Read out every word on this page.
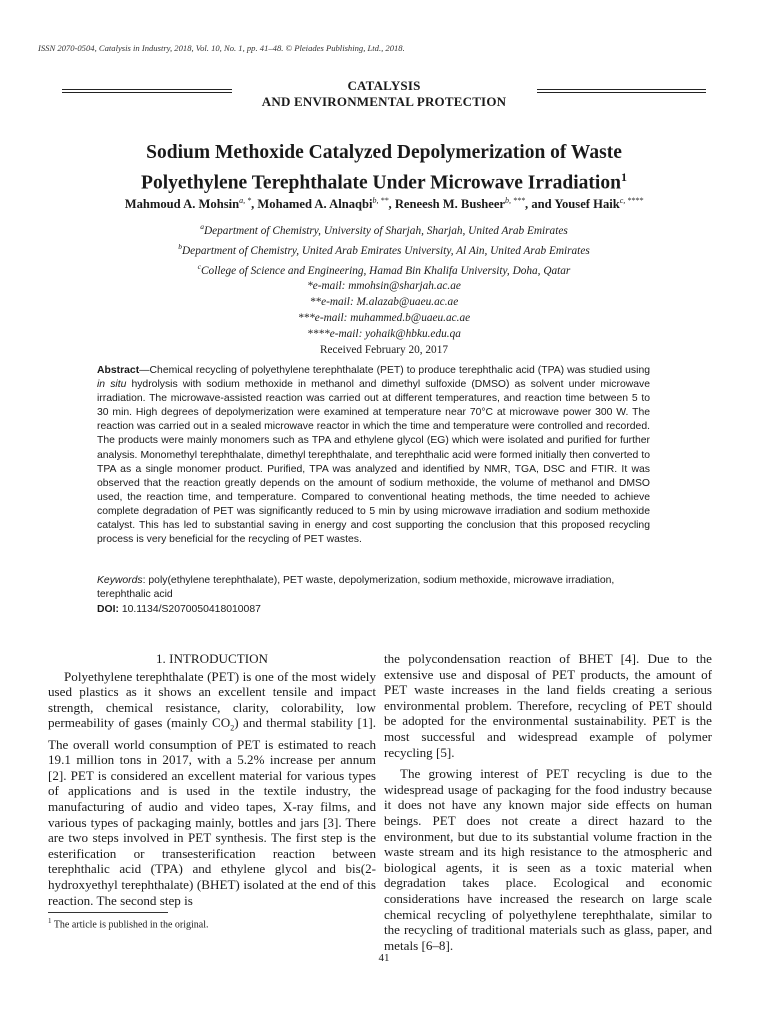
ISSN 2070-0504, Catalysis in Industry, 2018, Vol. 10, No. 1, pp. 41–48. © Pleiades Publishing, Ltd., 2018.
CATALYSIS
AND ENVIRONMENTAL PROTECTION
Sodium Methoxide Catalyzed Depolymerization of Waste
Polyethylene Terephthalate Under Microwave Irradiation$^1$
Mahmoud A. Mohsin$^{a, *}$, Mohamed A. Alnaqbi$^{b, **}$, Reneesh M. Busheer$^{b, ***}$, and Yousef Haik$^{c, ****}$
$^a$Department of Chemistry, University of Sharjah, Sharjah, United Arab Emirates
$^b$Department of Chemistry, United Arab Emirates University, Al Ain, United Arab Emirates
$^c$College of Science and Engineering, Hamad Bin Khalifa University, Doha, Qatar
*e-mail: mmohsin@sharjah.ac.ae
**e-mail: M.alazab@uaeu.ac.ae
***e-mail: muhammed.b@uaeu.ac.ae
****e-mail: yohaik@hbku.edu.qa
Received February 20, 2017
Abstract—Chemical recycling of polyethylene terephthalate (PET) to produce terephthalic acid (TPA) was studied using in situ hydrolysis with sodium methoxide in methanol and dimethyl sulfoxide (DMSO) as solvent under microwave irradiation. The microwave-assisted reaction was carried out at different temperatures, and reaction time between 5 to 30 min. High degrees of depolymerization were examined at temperature near 70°C at microwave power 300 W. The reaction was carried out in a sealed microwave reactor in which the time and temperature were controlled and recorded. The products were mainly monomers such as TPA and ethylene glycol (EG) which were isolated and purified for further analysis. Monomethyl terephthalate, dimethyl terephthalate, and terephthalic acid were formed initially then converted to TPA as a single monomer product. Purified, TPA was analyzed and identified by NMR, TGA, DSC and FTIR. It was observed that the reaction greatly depends on the amount of sodium methoxide, the volume of methanol and DMSO used, the reaction time, and temperature. Compared to conventional heating methods, the time needed to achieve complete degradation of PET was significantly reduced to 5 min by using microwave irradiation and sodium methoxide catalyst. This has led to substantial saving in energy and cost supporting the conclusion that this proposed recycling process is very beneficial for the recycling of PET wastes.
Keywords: poly(ethylene terephthalate), PET waste, depolymerization, sodium methoxide, microwave irradiation, terephthalic acid
DOI: 10.1134/S2070050418010087
1. INTRODUCTION

Polyethylene terephthalate (PET) is one of the most widely used plastics as it shows an excellent tensile and impact strength, chemical resistance, clarity, colorability, low permeability of gases (mainly $CO_2$) and thermal stability [1]. The overall world consumption of PET is estimated to reach 19.1 million tons in 2017, with a 5.2% increase per annum [2]. PET is considered an excellent material for various types of applications and is used in the textile industry, the manufacturing of audio and video tapes, X-ray films, and various types of packaging mainly, bottles and jars [3]. There are two steps involved in PET synthesis. The first step is the esterification or transesterification reaction between terephthalic acid (TPA) and ethylene glycol and bis(2-hydroxyethyl terephthalate) (BHET) isolated at the end of this reaction. The second step is

the polycondensation reaction of BHET [4]. Due to the extensive use and disposal of PET products, the amount of PET waste increases in the land fields creating a serious environmental problem. Therefore, recycling of PET should be adopted for the environmental sustainability. PET is the most successful and widespread example of polymer recycling [5].

The growing interest of PET recycling is due to the widespread usage of packaging for the food industry because it does not have any known major side effects on human beings. PET does not create a direct hazard to the environment, but due to its substantial volume fraction in the waste stream and its high resistance to the atmospheric and biological agents, it is seen as a toxic material when degradation takes place. Ecological and economic considerations have increased the research on large scale chemical recycling of polyethylene terephthalate, similar to the recycling of traditional materials such as glass, paper, and metals [6–8].

$^1$ The article is published in the original.
41
